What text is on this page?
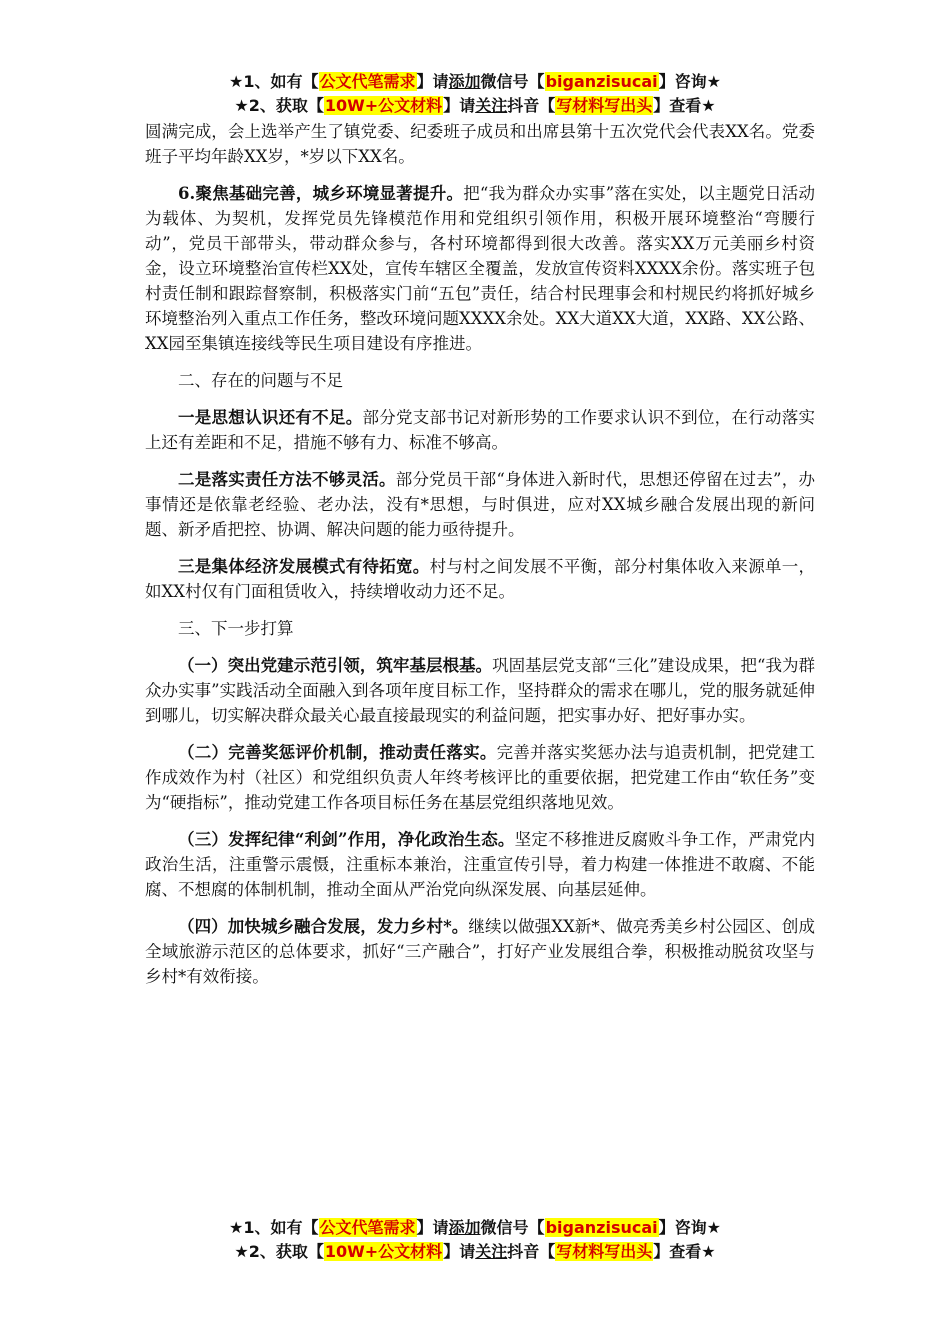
★1、如有【公文代笔需求】请添加微信号【biganzisucai】咨询★
★2、获取【10W+公文材料】请关注抖音【写材料写出头】查看★

圆满完成，会上选举产生了镇党委、纪委班子成员和出席县第十五次党代会代表XX名。党委班子平均年龄XX岁，*岁以下XX名。

6.聚焦基础完善，城乡环境显著提升。把“我为群众办实事”落在实处，以主题党日活动为载体、为契机，发挥党员先锋模范作用和党组织引领作用，积极开展环境整治“弯腰行动”，党员干部带头，带动群众参与，各村环境都得到很大改善。落实XX万元美丽乡村资金，设立环境整治宣传栏XX处，宣传车辖区全覆盖，发放宣传资料XXXX余份。落实班子包村责任制和跟踪督察制，积极落实门前“五包”责任，结合村民理事会和村规民约将抓好城乡环境整治列入重点工作任务，整改环境问题XXXX余处。XX大道XX大道，XX路、XX公路、XX园至集镇连接线等民生项目建设有序推进。

二、存在的问题与不足

一是思想认识还有不足。部分党支部书记对新形势的工作要求认识不到位，在行动落实上还有差距和不足，措施不够有力、标准不够高。

二是落实责任方法不够灵活。部分党员干部“身体进入新时代，思想还停留在过去”，办事情还是依靠老经验、老办法，没有*思想，与时俱进，应对XX城乡融合发展出现的新问题、新矛盾把控、协调、解决问题的能力亟待提升。

三是集体经济发展模式有待拓宽。村与村之间发展不平衡，部分村集体收入来源单一，如XX村仅有门面租赁收入，持续增收动力还不足。

三、下一步打算

（一）突出党建示范引领，筑牢基层根基。巩固基层党支部“三化”建设成果，把“我为群众办实事”实践活动全面融入到各项年度目标工作，坚持群众的需求在哪儿，党的服务就延伸到哪儿，切实解决群众最关心最直接最现实的利益问题，把实事办好、把好事办实。

（二）完善奖惩评价机制，推动责任落实。完善并落实奖惩办法与追责机制，把党建工作成效作为村（社区）和党组织负责人年终考核评比的重要依据，把党建工作由“软任务”变为“硬指标”，推动党建工作各项目标任务在基层党组织落地见效。

（三）发挥纪律“利剑”作用，净化政治生态。坚定不移推进反腐败斗争工作，严肃党内政治生活，注重警示震慑，注重标本兼治，注重宣传引导，着力构建一体推进不敢腐、不能腐、不想腐的体制机制，推动全面从严治党向纵深发展、向基层延伸。

（四）加快城乡融合发展，发力乡村*。继续以做强XX新*、做亮秀美乡村公园区、创成全域旅游示范区的总体要求，抓好“三产融合”，打好产业发展组合拳，积极推动脱贫攻坚与乡村*有效衔接。

★1、如有【公文代笔需求】请添加微信号【biganzisucai】咨询★
★2、获取【10W+公文材料】请关注抖音【写材料写出头】查看★
